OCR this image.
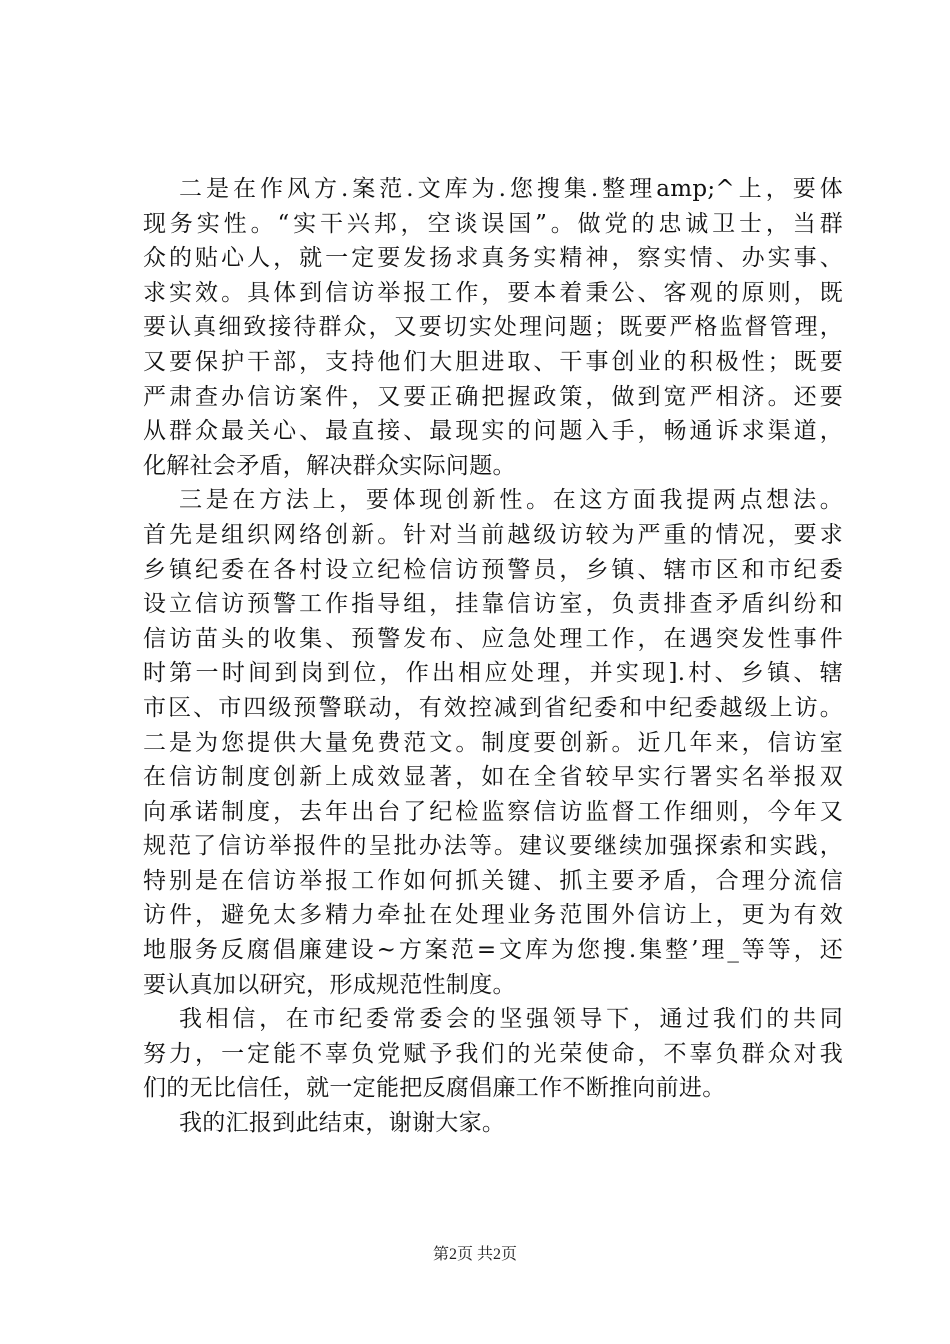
二是在作风方.案范.文库为.您搜集.整理amp;^上，要体
现务实性。“实干兴邦，空谈误国”。做党的忠诚卫士，当群
众的贴心人，就一定要发扬求真务实精神，察实情、办实事、
求实效。具体到信访举报工作，要本着秉公、客观的原则，既
要认真细致接待群众，又要切实处理问题；既要严格监督管理，
又要保护干部，支持他们大胆进取、干事创业的积极性；既要
严肃查办信访案件，又要正确把握政策，做到宽严相济。还要
从群众最关心、最直接、最现实的问题入手，畅通诉求渠道，
化解社会矛盾，解决群众实际问题。
三是在方法上，要体现创新性。在这方面我提两点想法。
首先是组织网络创新。针对当前越级访较为严重的情况，要求
乡镇纪委在各村设立纪检信访预警员，乡镇、辖市区和市纪委
设立信访预警工作指导组，挂靠信访室，负责排查矛盾纠纷和
信访苗头的收集、预警发布、应急处理工作，在遇突发性事件
时第一时间到岗到位，作出相应处理，并实现].村、乡镇、辖
市区、市四级预警联动，有效控减到省纪委和中纪委越级上访。
二是为您提供大量免费范文。制度要创新。近几年来，信访室
在信访制度创新上成效显著，如在全省较早实行署实名举报双
向承诺制度，去年出台了纪检监察信访监督工作细则，今年又
规范了信访举报件的呈批办法等。建议要继续加强探索和实践，
特别是在信访举报工作如何抓关键、抓主要矛盾，合理分流信
访件，避免太多精力牵扯在处理业务范围外信访上，更为有效
地服务反腐倡廉建设~方案范=文库为您搜.集整’理_等等，还
要认真加以研究，形成规范性制度。
我相信，在市纪委常委会的坚强领导下，通过我们的共同
努力，一定能不辜负党赋予我们的光荣使命，不辜负群众对我
们的无比信任，就一定能把反腐倡廉工作不断推向前进。
我的汇报到此结束，谢谢大家。
第2页 共2页
